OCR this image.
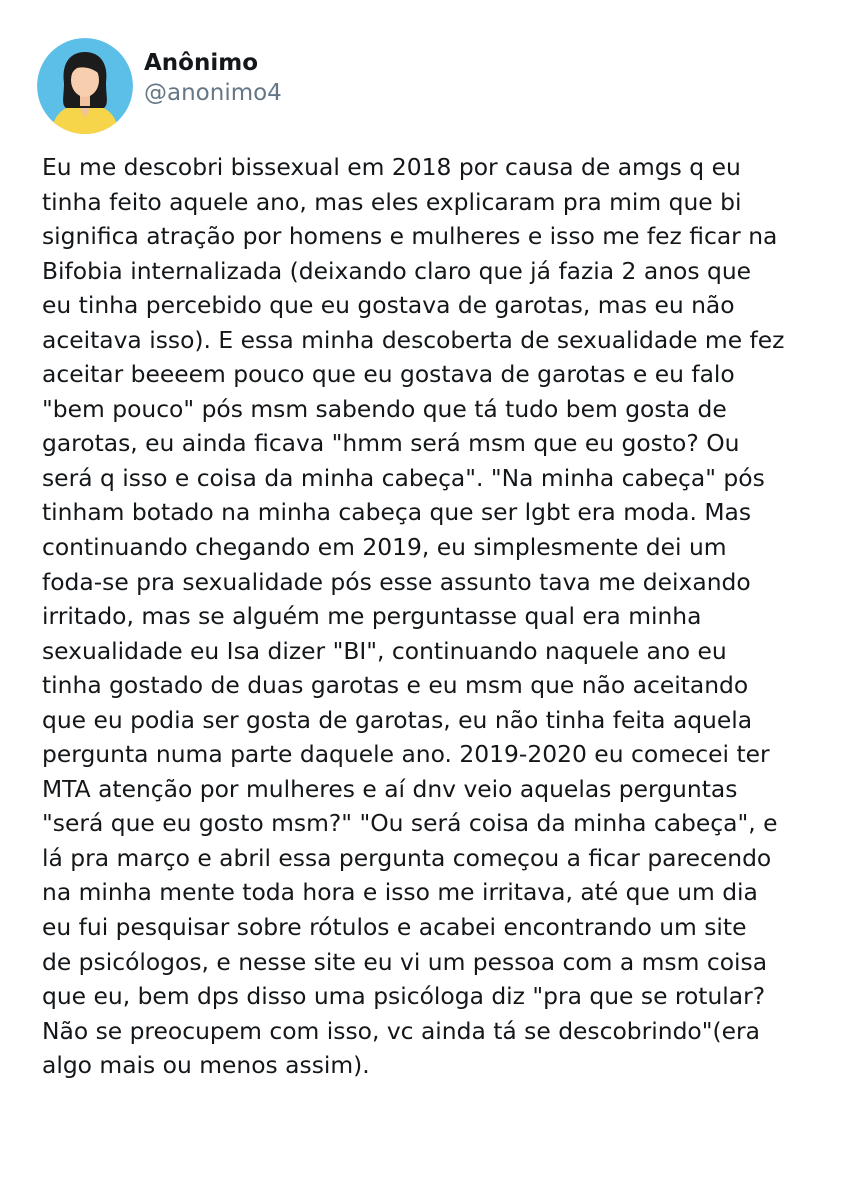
Anônimo
@anonimo4
Eu me descobri bissexual em 2018 por causa de amgs q eu
tinha feito aquele ano, mas eles explicaram pra mim que bi
significa atração por homens e mulheres e isso me fez ficar na
Bifobia internalizada (deixando claro que já fazia 2 anos que
eu tinha percebido que eu gostava de garotas, mas eu não
aceitava isso). E essa minha descoberta de sexualidade me fez
aceitar beeeem pouco que eu gostava de garotas e eu falo
"bem pouco" pós msm sabendo que tá tudo bem gosta de
garotas, eu ainda ficava "hmm será msm que eu gosto? Ou
será q isso e coisa da minha cabeça". "Na minha cabeça" pós
tinham botado na minha cabeça que ser lgbt era moda. Mas
continuando chegando em 2019, eu simplesmente dei um
foda-se pra sexualidade pós esse assunto tava me deixando
irritado, mas se alguém me perguntasse qual era minha
sexualidade eu Isa dizer "BI", continuando naquele ano eu
tinha gostado de duas garotas e eu msm que não aceitando
que eu podia ser gosta de garotas, eu não tinha feita aquela
pergunta numa parte daquele ano. 2019-2020 eu comecei ter
MTA atenção por mulheres e aí dnv veio aquelas perguntas
"será que eu gosto msm?" "Ou será coisa da minha cabeça", e
lá pra março e abril essa pergunta começou a ficar parecendo
na minha mente toda hora e isso me irritava, até que um dia
eu fui pesquisar sobre rótulos e acabei encontrando um site
de psicólogos, e nesse site eu vi um pessoa com a msm coisa
que eu, bem dps disso uma psicóloga diz "pra que se rotular?
Não se preocupem com isso, vc ainda tá se descobrindo"(era
algo mais ou menos assim).
